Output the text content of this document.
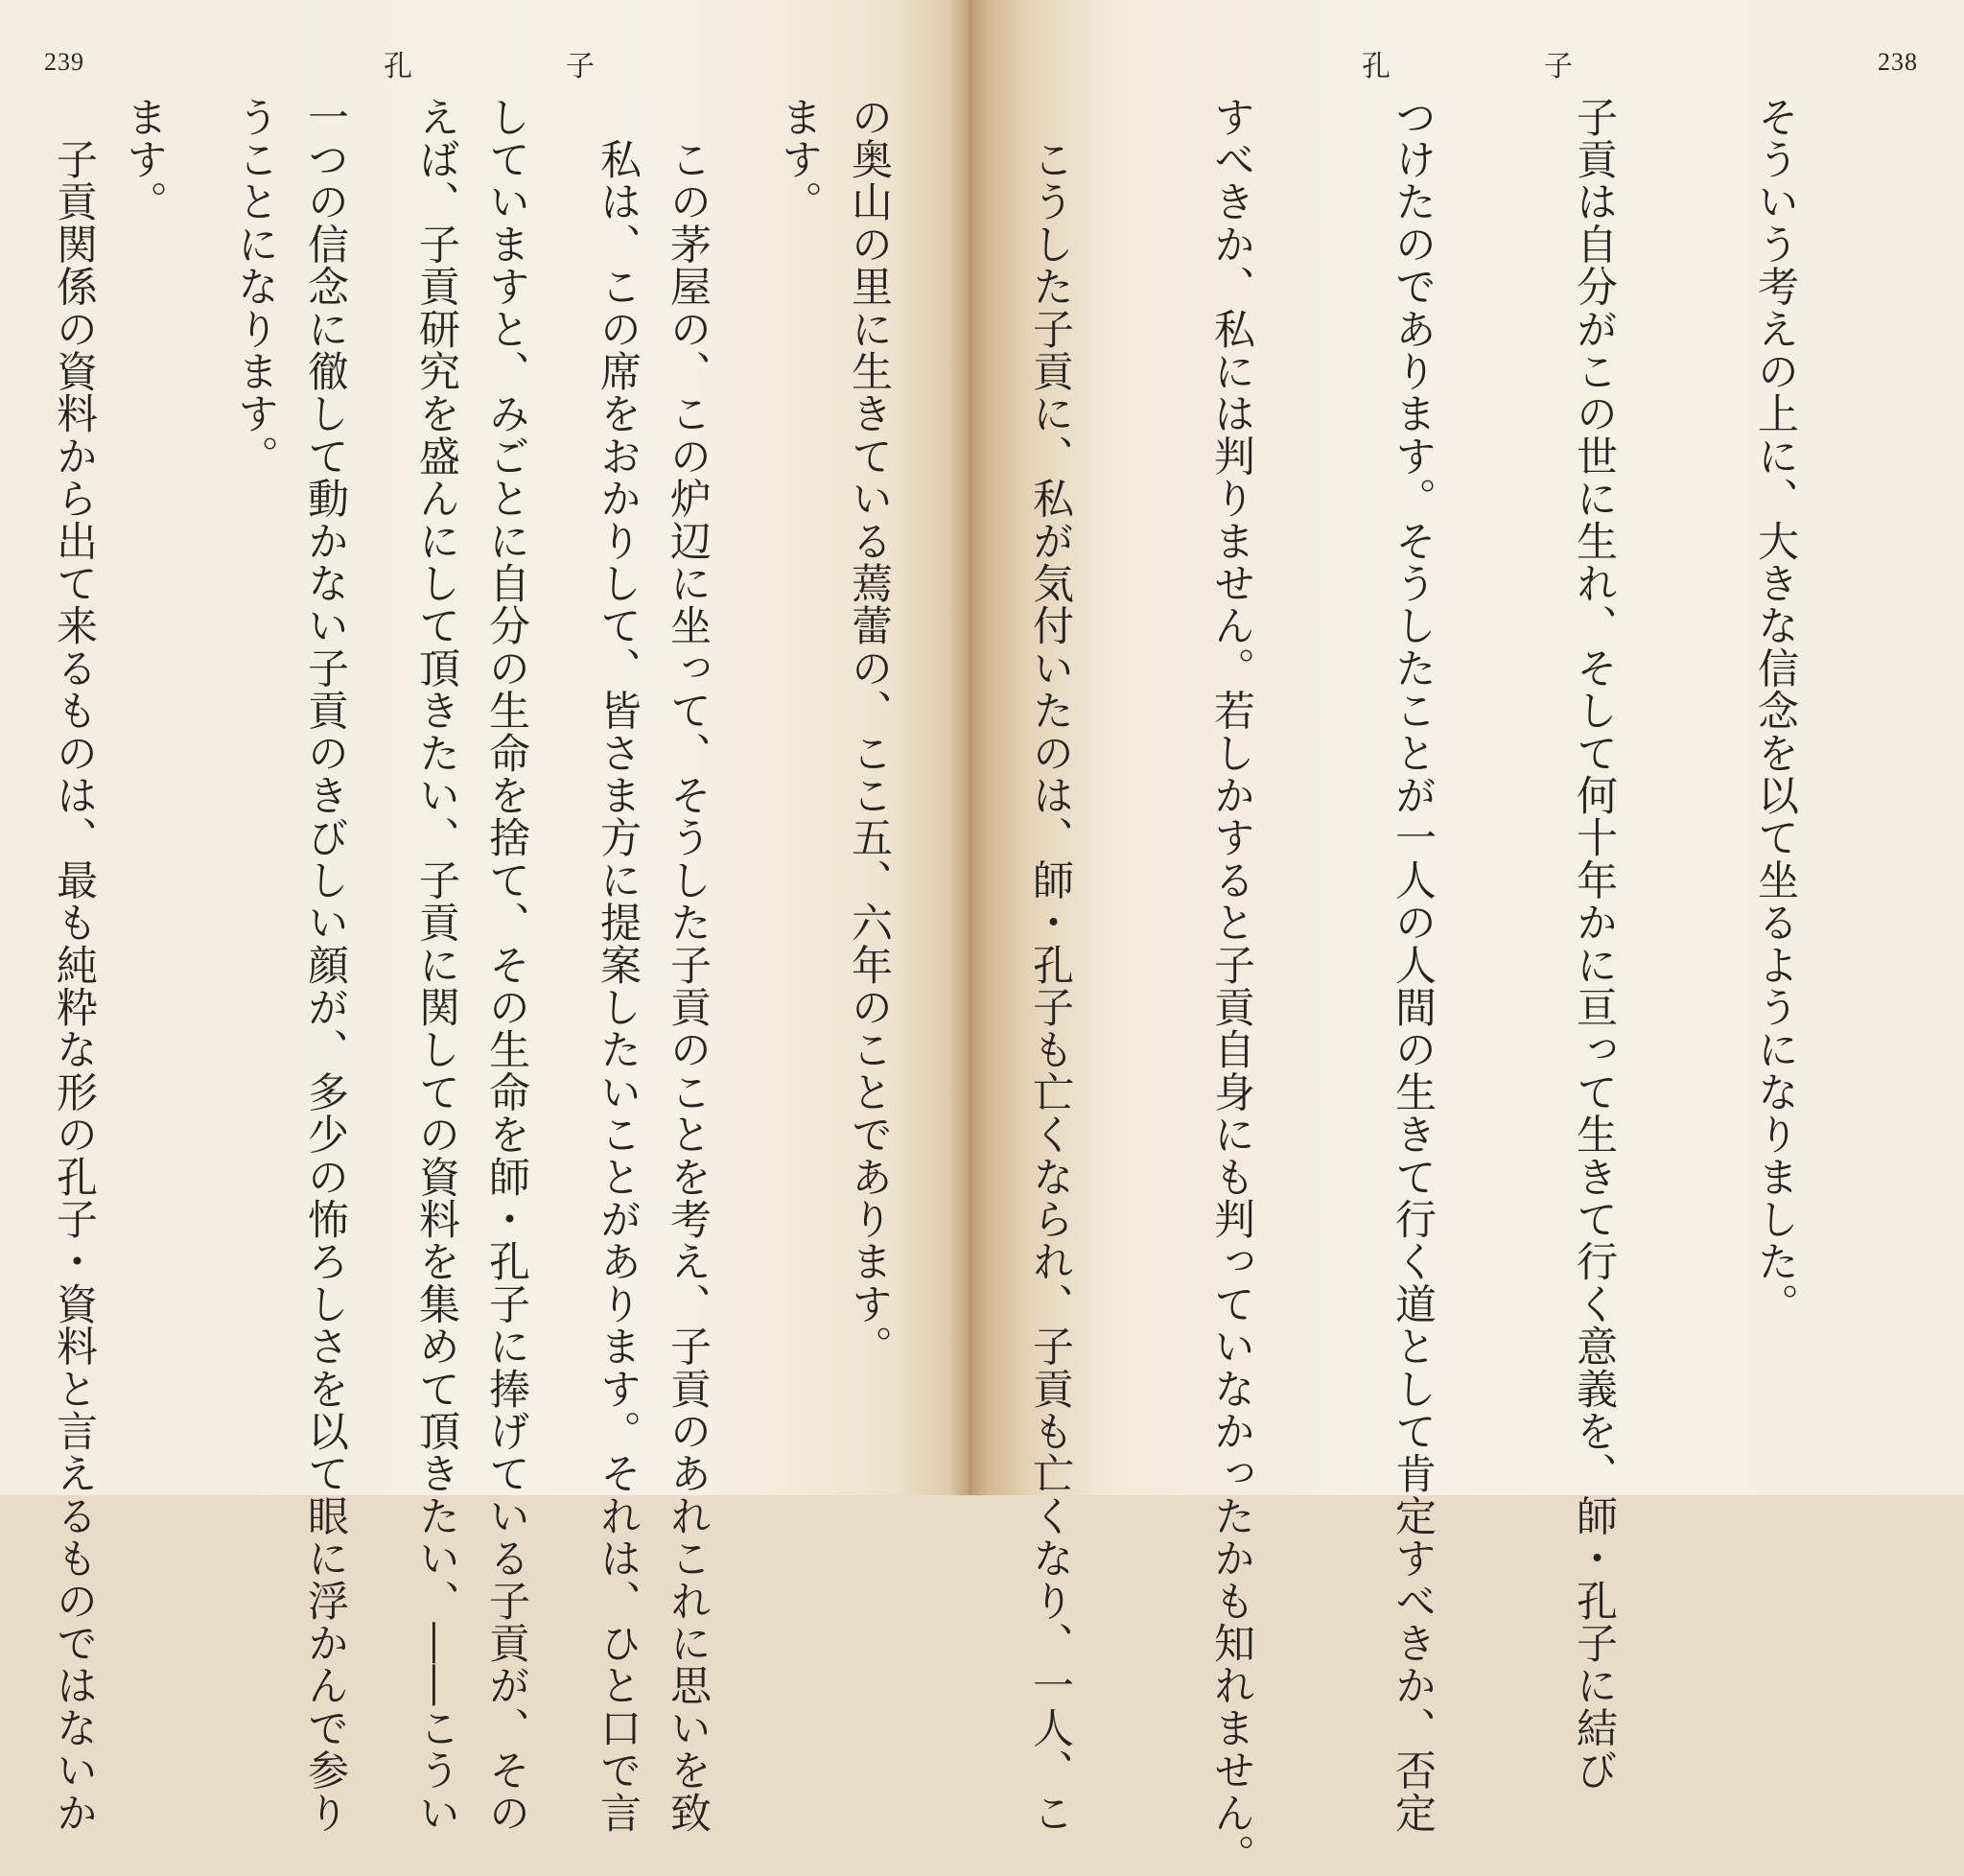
239	孔子

ます。

　私は、この席をおかりして、皆さま方に提案したいことがあります。それは、ひと口で言

えば、子貢研究を盛んにして頂きたい、子貢に関しての資料を集めて頂きたい、――こうい

うことになります。

　子貢関係の資料から出て来るものは、最も純粋な形の孔子・資料と言えるものではないか

238
孔子

そういう考えの上に、大きな信念を以て坐るようになりました。

子貢は自分がこの世に生れ、そして何十年かに亘って生きて行く意義を、師・孔子に結び

つけたのであります。そうしたことが一人の人間の生きて行く道として肯定すべきか、否定

すべきか、私には判りません。若しかすると子貢自身にも判っていなかったかも知れません。

　こうした子貢に、私が気付いたのは、師・孔子も亡くなられ、子貢も亡くなり、一人、こ

の奥山の里に生きている蔫蕾の、ここ五、六年のことであります。

　この茅屋の、この炉辺に坐って、そうした子貢のことを考え、子貢のあれこれに思いを致

していますと、みごとに自分の生命を捨て、その生命を師・孔子に捧げている子貢が、その

一つの信念に徹して動かない子貢のきびしい顔が、多少の怖ろしさを以て眼に浮かんで参り

ます。
